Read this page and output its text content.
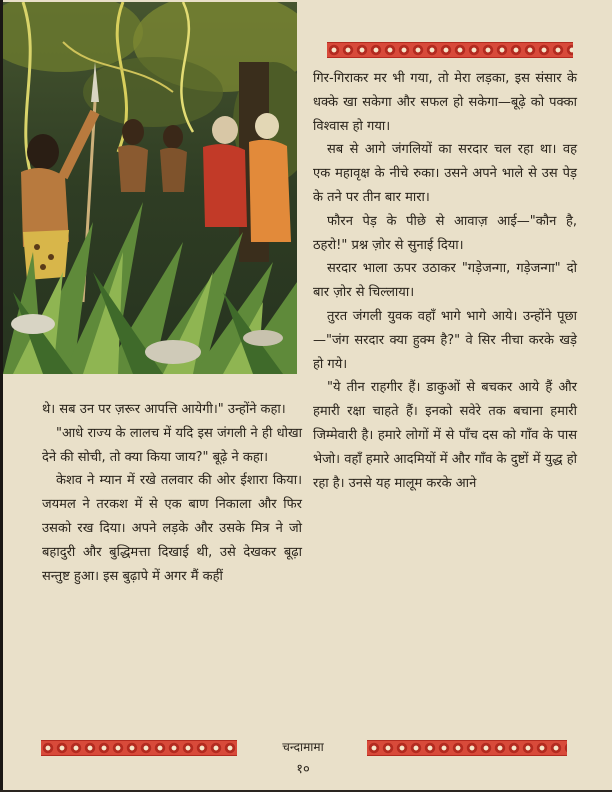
गिर-गिराकर मर भी गया, तो मेरा लड़का, इस संसार के धक्के खा सकेगा और सफल हो सकेगा—बूढ़े को पक्का विश्वास हो गया।

सब से आगे जंगलियों का सरदार चल रहा था। वह एक महावृक्ष के नीचे रुका। उसने अपने भाले से उस पेड़ के तने पर तीन बार मारा।

फौरन पेड़ के पीछे से आवाज़ आई—"कौन है, ठहरो!" प्रश्न ज़ोर से सुनाई दिया।

सरदार भाला ऊपर उठाकर "गड़ेजन्गा, गड़ेजन्गा" दो बार ज़ोर से चिल्लाया।

तुरत जंगली युवक वहाँ भागे भागे आये। उन्होंने पूछा—"जंग सरदार क्या हुक्म है?" वे सिर नीचा करके खड़े हो गये।

"ये तीन राहगीर हैं। डाकुओं से बचकर आये हैं और हमारी रक्षा चाहते हैं। इनको सवेरे तक बचाना हमारी जिम्मेवारी है। हमारे लोगों में से पाँच दस को गाँव के पास भेजो। वहाँ हमारे आदमियों में और गाँव के दुष्टों में युद्ध हो रहा है। उनसे यह मालूम करके आने

थे। सब उन पर ज़रूर आपत्ति आयेगी।" उन्होंने कहा।

"आधे राज्य के लालच में यदि इस जंगली ने ही धोखा देने की सोची, तो क्या किया जाय?" बूढ़े ने कहा।

केशव ने म्यान में रखे तलवार की ओर ईशारा किया। जयमल ने तरकश में से एक बाण निकाला और फिर उसको रख दिया। अपने लड़के और उसके मित्र ने जो बहादुरी और बुद्धिमत्ता दिखाई थी, उसे देखकर बूढ़ा सन्तुष्ट हुआ। इस बुढ़ापे में अगर मैं कहीं

चन्दामामा
१०
